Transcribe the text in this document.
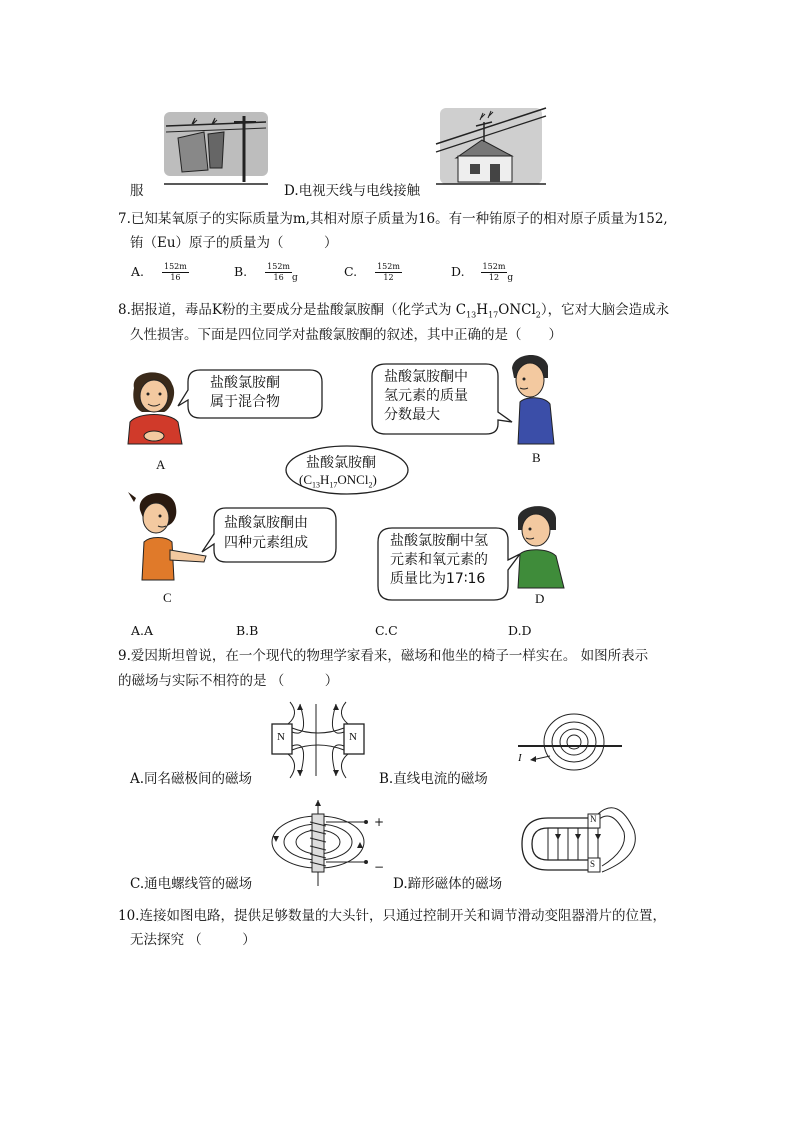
服	D.电视天线与电线接触
7.已知某氧原子的实际质量为m,其相对原子质量为16。有一种铕原子的相对原子质量为152,
铕（Eu）原子的质量为（　　　）
A. $\frac{152m}{16}$	B. $\frac{152m}{16} _g$	C. $\frac{152m}{12}$	D. $\frac{152m}{12} _g$
8.据报道，毒品K粉的主要成分是盐酸氯胺酮（化学式为 $C_{13}H_{17}ONCl_2$），它对大脑会造成永
久性损害。下面是四位同学对盐酸氯胺酮的叙述，其中正确的是（　　）
A
盐酸氯胺酮
属于混合物
盐酸氯胺酮中
氢元素的质量
分数最大
B
盐酸氯胺酮
$(C_{13}H_{17}ONCl_2)$
C
盐酸氯胺酮由
四种元素组成	盐酸氯胺酮中氢
元素和氧元素的
质量比为17∶16
D
A.A	B.B	C.C	D.D
9.爱因斯坦曾说，在一个现代的物理学家看来，磁场和他坐的椅子一样实在。 如图所表示
的磁场与实际不相符的是 （　　　）
N	N
A.同名磁极间的磁场
I
B.直线电流的磁场
+
−
C.通电螺线管的磁场
N
S
D.蹄形磁体的磁场
10.连接如图电路，提供足够数量的大头针，只通过控制开关和调节滑动变阻器滑片的位置，
无法探究 （　　　）
